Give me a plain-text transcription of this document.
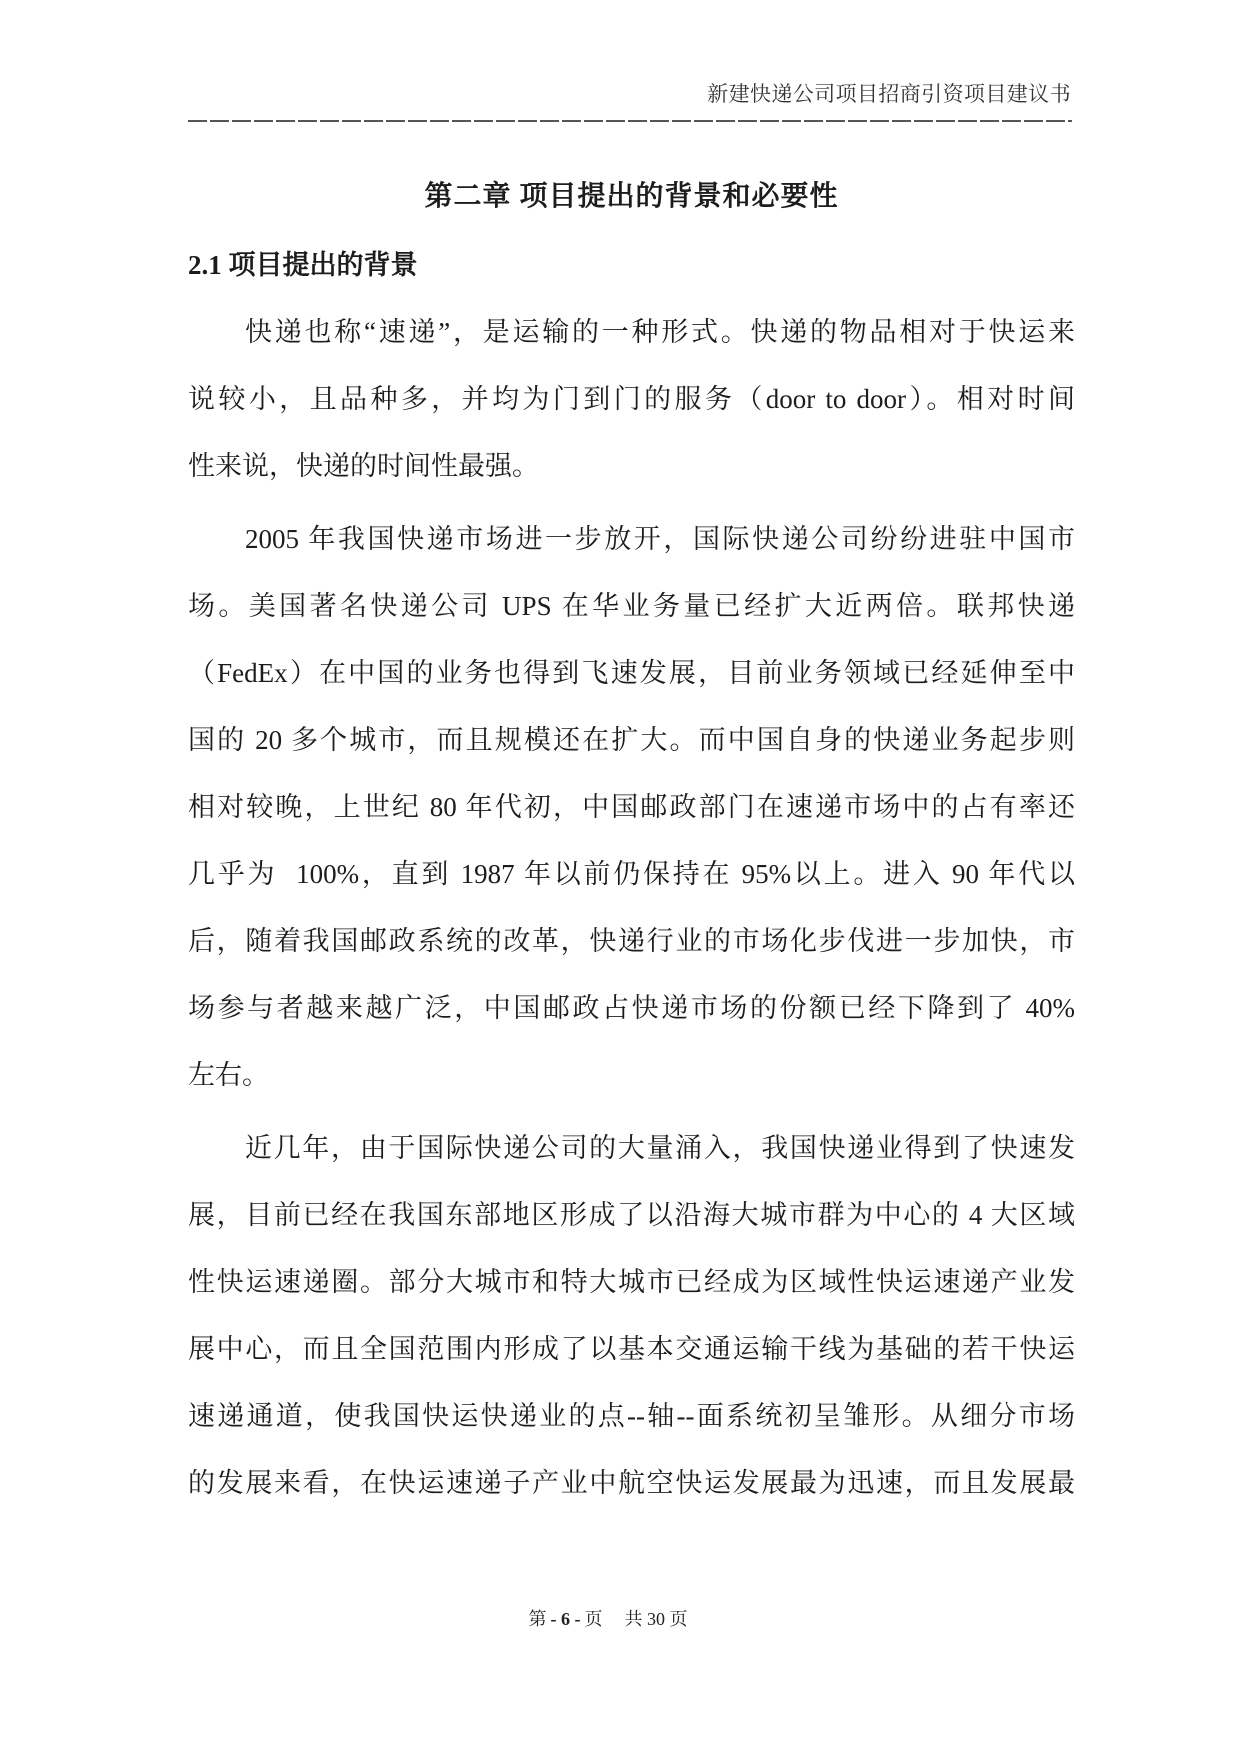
新建快递公司项目招商引资项目建议书
第二章 项目提出的背景和必要性
2.1 项目提出的背景
快递也称“速递”，是运输的一种形式。快递的物品相对于快运来
说较小，且品种多，并均为门到门的服务（door to door）。相对时间
性来说，快递的时间性最强。
2005 年我国快递市场进一步放开，国际快递公司纷纷进驻中国市
场。美国著名快递公司 UPS 在华业务量已经扩大近两倍。联邦快递
（FedEx）在中国的业务也得到飞速发展，目前业务领域已经延伸至中
国的 20 多个城市，而且规模还在扩大。而中国自身的快递业务起步则
相对较晚，上世纪 80 年代初，中国邮政部门在速递市场中的占有率还
几乎为  100%，直到 1987 年以前仍保持在 95%以上。进入 90 年代以
后，随着我国邮政系统的改革，快递行业的市场化步伐进一步加快，市
场参与者越来越广泛，中国邮政占快递市场的份额已经下降到了 40%
左右。
近几年，由于国际快递公司的大量涌入，我国快递业得到了快速发
展，目前已经在我国东部地区形成了以沿海大城市群为中心的 4 大区域
性快运速递圈。部分大城市和特大城市已经成为区域性快运速递产业发
展中心，而且全国范围内形成了以基本交通运输干线为基础的若干快运
速递通道，使我国快运快递业的点--轴--面系统初呈雏形。从细分市场
的发展来看，在快运速递子产业中航空快运发展最为迅速，而且发展最
第 - 6 - 页 共 30 页
